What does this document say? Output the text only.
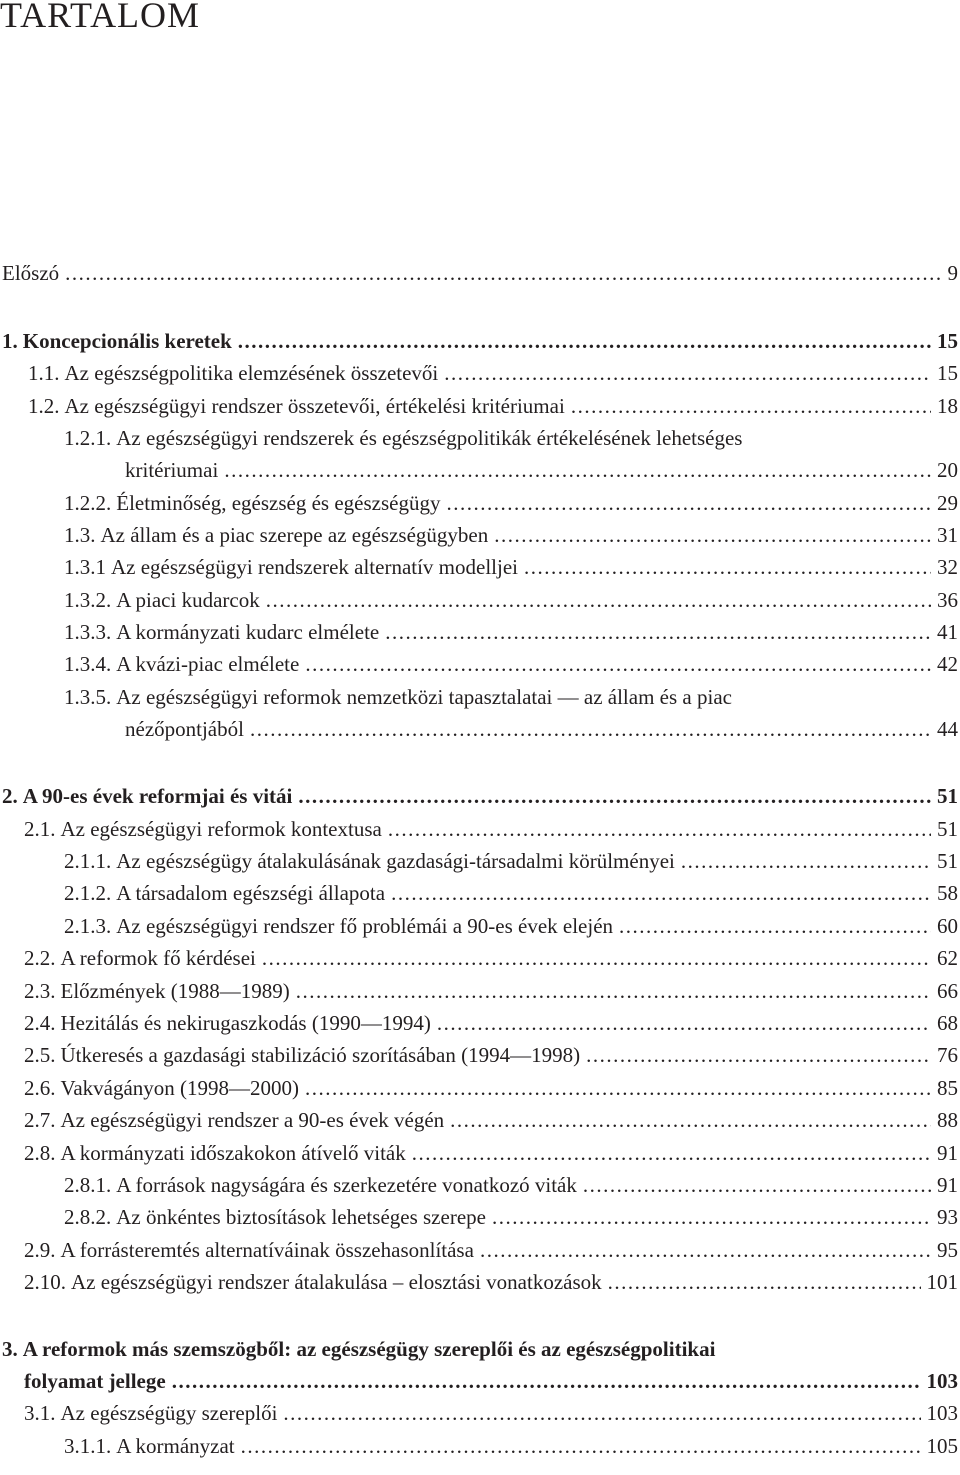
TARTALOM
Előszó .....	9
1. Koncepcionális keretek .....	15
1.1. Az egészségpolitika elemzésének összetevői .....	15
1.2. Az egészségügyi rendszer összetevői, értékelési kritériumai .....	18
1.2.1. Az egészségügyi rendszerek és egészségpolitikák értékelésének lehetséges
kritériumai .....	20
1.2.2. Életminőség, egészség és egészségügy .....	29
1.3. Az állam és a piac szerepe az egészségügyben .....	31
1.3.1 Az egészségügyi rendszerek alternatív modelljei .....	32
1.3.2. A piaci kudarcok .....	36
1.3.3. A kormányzati kudarc elmélete .....	41
1.3.4. A kvázi-piac elmélete .....	42
1.3.5. Az egészségügyi reformok nemzetközi tapasztalatai — az állam és a piac
nézőpontjából .....	44
2. A 90-es évek reformjai és vitái .....	51
2.1. Az egészségügyi reformok kontextusa .....	51
2.1.1. Az egészségügy átalakulásának gazdasági-társadalmi körülményei .....	51
2.1.2. A társadalom egészségi állapota .....	58
2.1.3. Az egészségügyi rendszer fő problémái a 90-es évek elején .....	60
2.2. A reformok fő kérdései .....	62
2.3. Előzmények (1988—1989) .....	66
2.4. Hezitálás és nekirugaszkodás (1990—1994) .....	68
2.5. Útkeresés a gazdasági stabilizáció szorításában (1994—1998) .....	76
2.6. Vakvágányon (1998—2000) .....	85
2.7. Az egészségügyi rendszer a 90-es évek végén .....	88
2.8. A kormányzati időszakokon átívelő viták .....	91
2.8.1. A források nagyságára és szerkezetére vonatkozó viták .....	91
2.8.2. Az önkéntes biztosítások lehetséges szerepe .....	93
2.9. A forrásteremtés alternatíváinak összehasonlítása .....	95
2.10. Az egészségügyi rendszer átalakulása – elosztási vonatkozások .....	101
3. A reformok más szemszögből: az egészségügy szereplői és az egészségpolitikai
folyamat jellege .....	103
3.1. Az egészségügy szereplői .....	103
3.1.1. A kormányzat .....	105
